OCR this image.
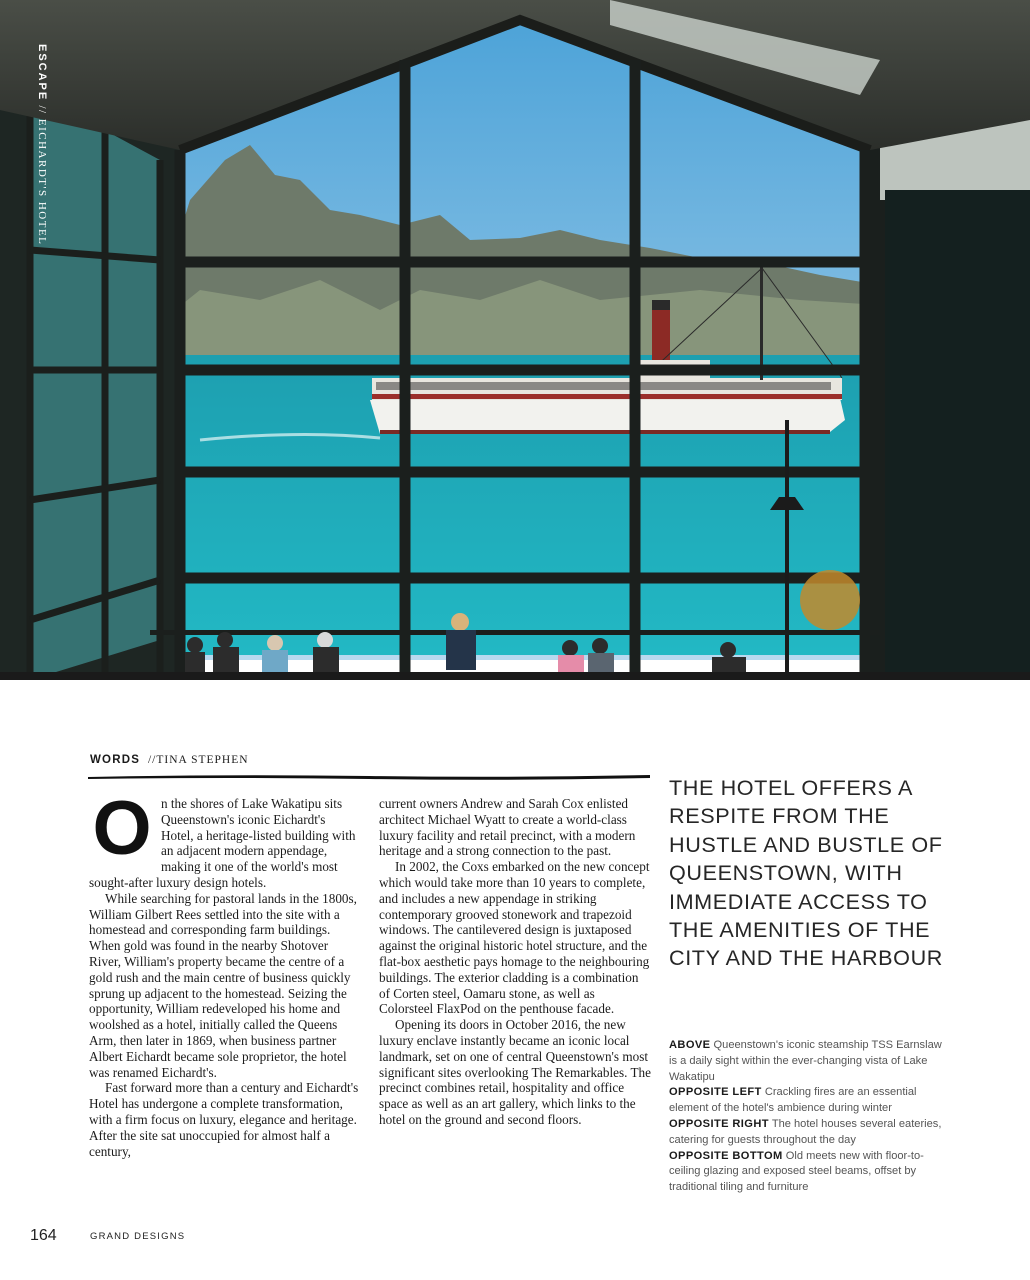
ESCAPE // EICHARDT'S HOTEL
WORDS //TINA STEPHEN
O n the shores of Lake Wakatipu sits Queenstown's iconic Eichardt's Hotel, a heritage-listed building with an adjacent modern appendage, making it one of the world's most sought-after luxury design hotels.

While searching for pastoral lands in the 1800s, William Gilbert Rees settled into the site with a homestead and corresponding farm buildings. When gold was found in the nearby Shotover River, William's property became the centre of a gold rush and the main centre of business quickly sprung up adjacent to the homestead. Seizing the opportunity, William redeveloped his home and woolshed as a hotel, initially called the Queens Arm, then later in 1869, when business partner Albert Eichardt became sole proprietor, the hotel was renamed Eichardt's.

Fast forward more than a century and Eichardt's Hotel has undergone a complete transformation, with a firm focus on luxury, elegance and heritage. After the site sat unoccupied for almost half a century,

current owners Andrew and Sarah Cox enlisted architect Michael Wyatt to create a world-class luxury facility and retail precinct, with a modern heritage and a strong connection to the past.

In 2002, the Coxs embarked on the new concept which would take more than 10 years to complete, and includes a new appendage in striking contemporary grooved stonework and trapezoid windows. The cantilevered design is juxtaposed against the original historic hotel structure, and the flat-box aesthetic pays homage to the neighbouring buildings. The exterior cladding is a combination of Corten steel, Oamaru stone, as well as Colorsteel FlaxPod on the penthouse facade.

Opening its doors in October 2016, the new luxury enclave instantly became an iconic local landmark, set on one of central Queenstown's most significant sites overlooking The Remarkables. The precinct combines retail, hospitality and office space as well as an art gallery, which links to the hotel on the ground and second floors.

THE HOTEL OFFERS A RESPITE FROM THE HUSTLE AND BUSTLE OF QUEENSTOWN, WITH IMMEDIATE ACCESS TO THE AMENITIES OF THE CITY AND THE HARBOUR
ABOVE Queenstown's iconic steamship TSS Earnslaw is a daily sight within the ever-changing vista of Lake Wakatipu
OPPOSITE LEFT Crackling fires are an essential element of the hotel's ambience during winter
OPPOSITE RIGHT The hotel houses several eateries, catering for guests throughout the day
OPPOSITE BOTTOM Old meets new with floor-to-ceiling glazing and exposed steel beams, offset by traditional tiling and furniture
164	GRAND DESIGNS
